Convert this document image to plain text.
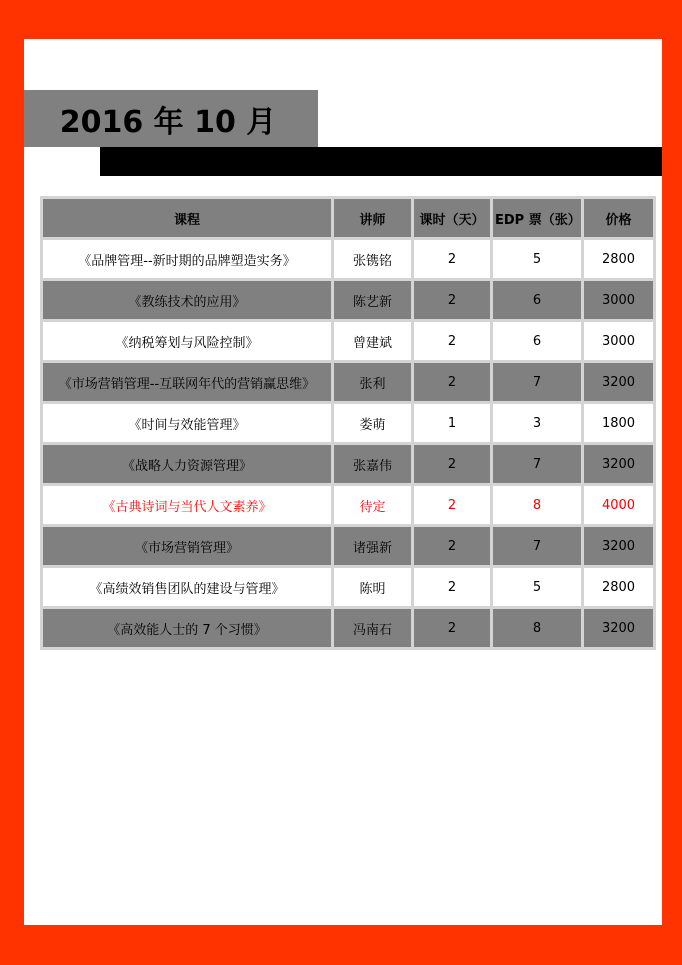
2016 年 10 月
课程	讲师	课时（天）	EDP 票（张）	价格
《品牌管理--新时期的品牌塑造实务》	张镌铭	2	5	2800
《教练技术的应用》	陈艺新	2	6	3000
《纳税筹划与风险控制》	曾建斌	2	6	3000
《市场营销管理--互联网年代的营销赢思维》	张利	2	7	3200
《时间与效能管理》	娄萌	1	3	1800
《战略人力资源管理》	张嘉伟	2	7	3200
《古典诗词与当代人文素养》	待定	2	8	4000
《市场营销管理》	诸强新	2	7	3200
《高绩效销售团队的建设与管理》	陈明	2	5	2800
《高效能人士的 7 个习惯》	冯南石	2	8	3200
